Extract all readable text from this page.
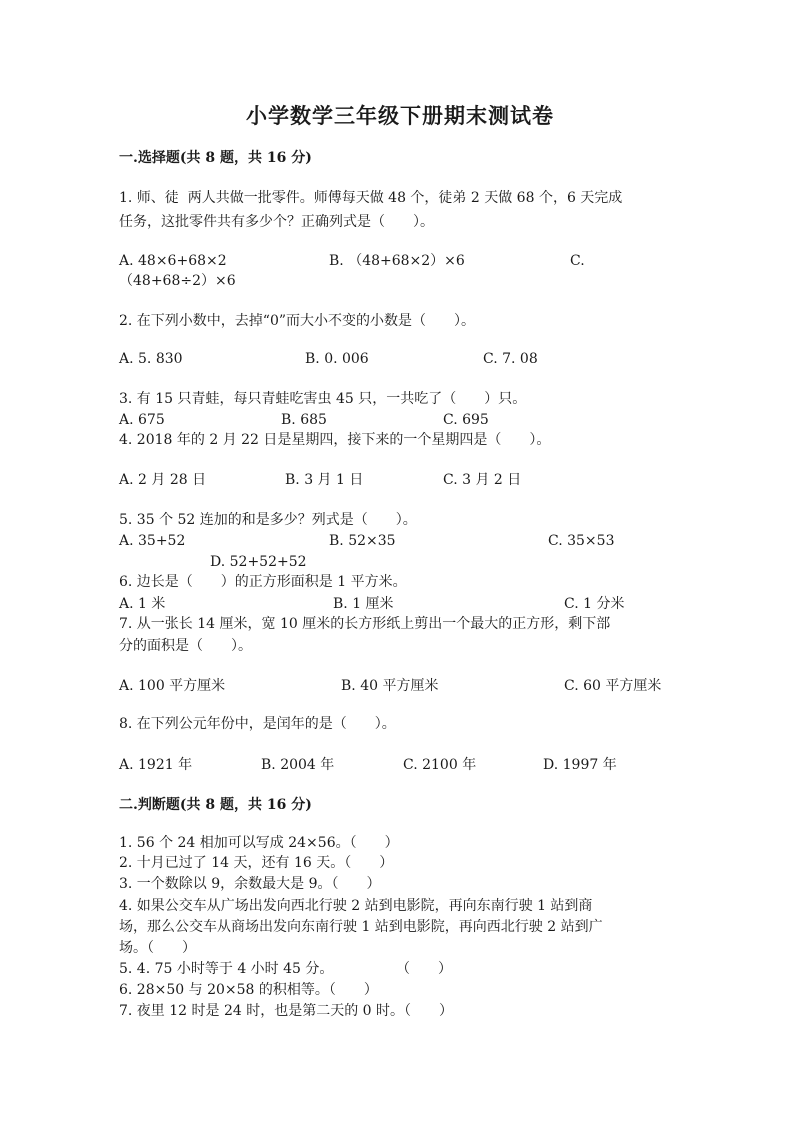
小学数学三年级下册期末测试卷
一.选择题(共 8 题，共 16 分)
1. 师、徒  两人共做一批零件。师傅每天做 48 个，徒弟 2 天做 68 个，6 天完成
任务，这批零件共有多少个？正确列式是（　　）。
A. 48×6+68×2	B. （48+68×2）×6	C.
（48+68÷2）×6
2. 在下列小数中，去掉“0”而大小不变的小数是（　　）。
A. 5. 830	B. 0. 006	C. 7. 08
3. 有 15 只青蛙，每只青蛙吃害虫 45 只，一共吃了（　　）只。
A. 675	B. 685	C. 695
4. 2018 年的 2 月 22 日是星期四，接下来的一个星期四是（　　）。
A. 2 月 28 日	B. 3 月 1 日	C. 3 月 2 日
5. 35 个 52 连加的和是多少？列式是（　　）。
A. 35+52	B. 52×35	C. 35×53
D. 52+52+52
6. 边长是（　　）的正方形面积是 1 平方米。
A. 1 米	B. 1 厘米	C. 1 分米
7. 从一张长 14 厘米，宽 10 厘米的长方形纸上剪出一个最大的正方形，剩下部
分的面积是（　　）。
A. 100 平方厘米	B. 40 平方厘米	C. 60 平方厘米
8. 在下列公元年份中，是闰年的是（　　）。
A. 1921 年	B. 2004 年	C. 2100 年	D. 1997 年
二.判断题(共 8 题，共 16 分)
1. 56 个 24 相加可以写成 24×56。（　　）
2. 十月已过了 14 天，还有 16 天。（　　）
3. 一个数除以 9，余数最大是 9。（　　）
4. 如果公交车从广场出发向西北行驶 2 站到电影院，再向东南行驶 1 站到商
场，那么公交车从商场出发向东南行驶 1 站到电影院，再向西北行驶 2 站到广
场。（　　）
5. 4. 75 小时等于 4 小时 45 分。	（　　）
6. 28×50 与 20×58 的积相等。（　　）
7. 夜里 12 时是 24 时，也是第二天的 0 时。（　　）
